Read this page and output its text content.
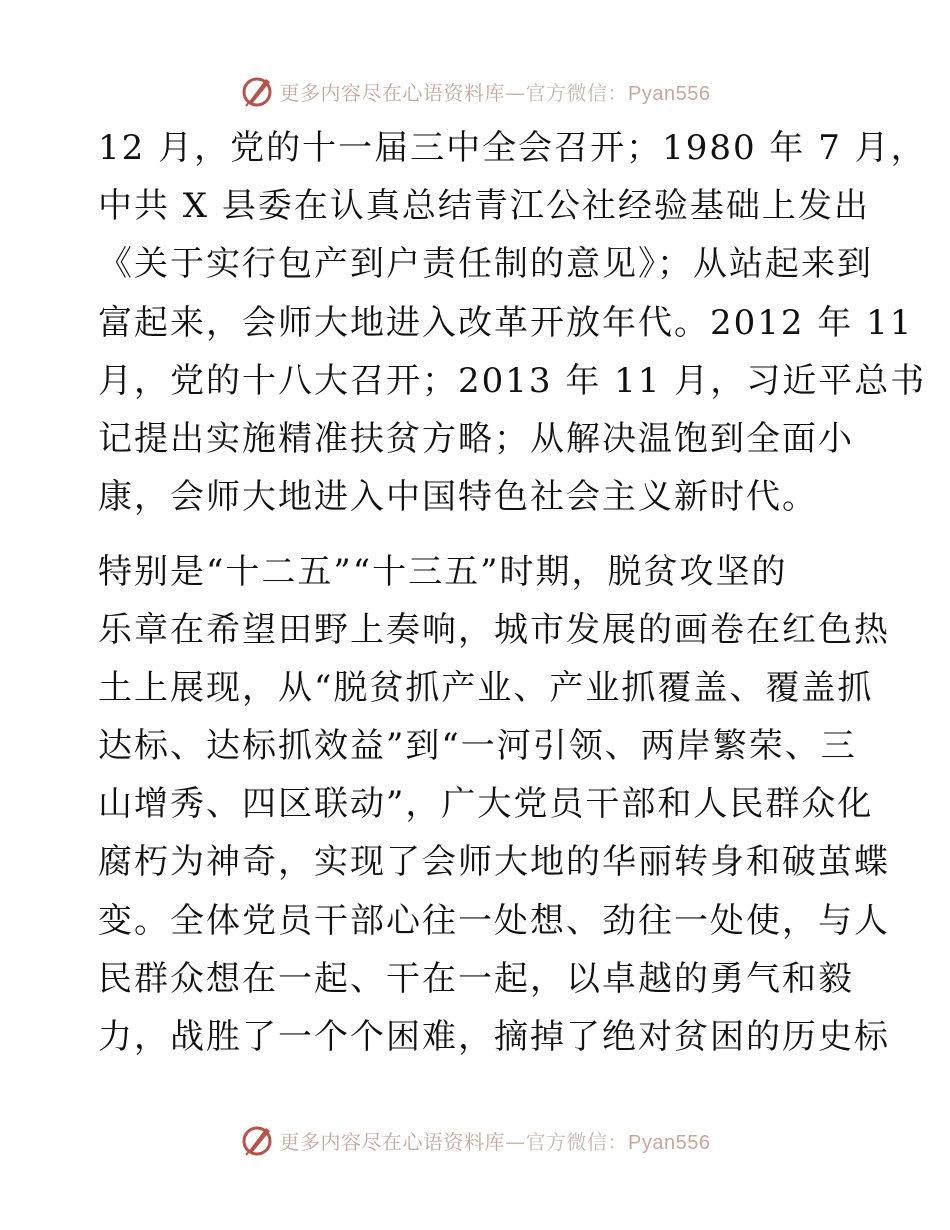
更多内容尽在心语资料库—官方微信：Pyan556
12 月，党的十一届三中全会召开；1980 年 7 月，
中共 X 县委在认真总结青江公社经验基础上发出
《关于实行包产到户责任制的意见》；从站起来到
富起来，会师大地进入改革开放年代。2012 年 11
月，党的十八大召开；2013 年 11 月，习近平总书
记提出实施精准扶贫方略；从解决温饱到全面小
康，会师大地进入中国特色社会主义新时代。
特别是“十二五”“十三五”时期，脱贫攻坚的
乐章在希望田野上奏响，城市发展的画卷在红色热
土上展现，从“脱贫抓产业、产业抓覆盖、覆盖抓
达标、达标抓效益”到“一河引领、两岸繁荣、三
山增秀、四区联动”，广大党员干部和人民群众化
腐朽为神奇，实现了会师大地的华丽转身和破茧蝶
变。全体党员干部心往一处想、劲往一处使，与人
民群众想在一起、干在一起，以卓越的勇气和毅
力，战胜了一个个困难，摘掉了绝对贫困的历史标
更多内容尽在心语资料库—官方微信：Pyan556
